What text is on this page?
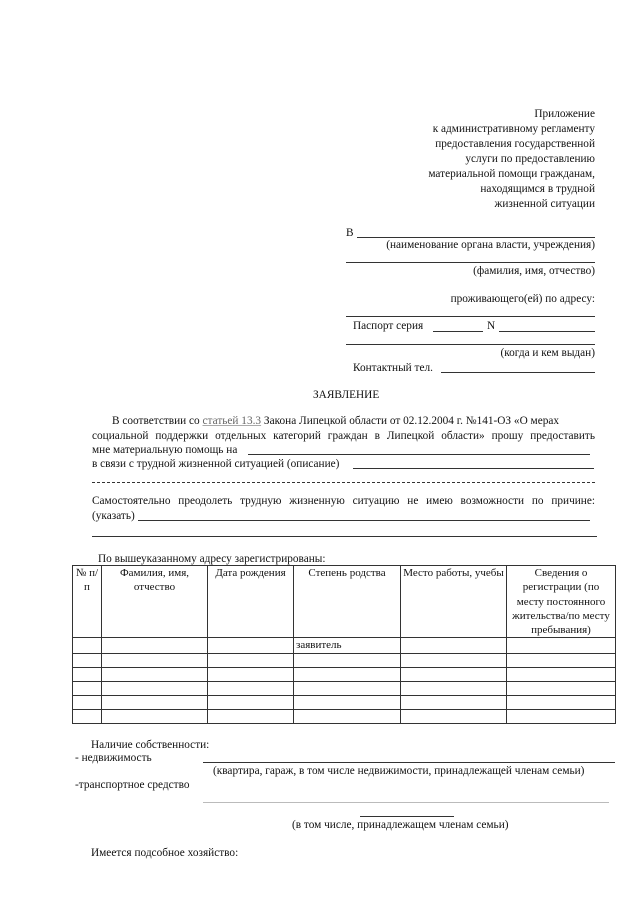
Приложение
к административному регламенту
предоставления государственной
услуги по предоставлению
материальной помощи гражданам,
находящимся в трудной
жизненной ситуации
В
(наименование органа власти, учреждения)
(фамилия, имя, отчество)
проживающего(ей) по адресу:
Паспорт серия	N
(когда и кем выдан)
Контактный тел.
ЗАЯВЛЕНИЕ
В соответствии со статьей 13.3 Закона Липецкой области от 02.12.2004 г. №141-ОЗ «О мерах
социальной поддержки отдельных категорий граждан в Липецкой области» прошу предоставить
мне материальную помощь на
в связи с трудной жизненной ситуацией (описание)
Самостоятельно преодолеть трудную жизненную ситуацию не имею возможности по причине:
(указать)
По вышеуказанному адресу зарегистрированы:
№ п/п	Фамилия, имя, отчество	Дата рождения	Степень родства	Место работы, учебы	Сведения о регистрации (по месту постоянного жительства/по месту пребывания)
			заявитель		

Наличие собственности:
- недвижимость
(квартира, гараж, в том числе недвижимости, принадлежащей членам семьи)
-транспортное средство
(в том числе, принадлежащем членам семьи)
Имеется подсобное хозяйство:
